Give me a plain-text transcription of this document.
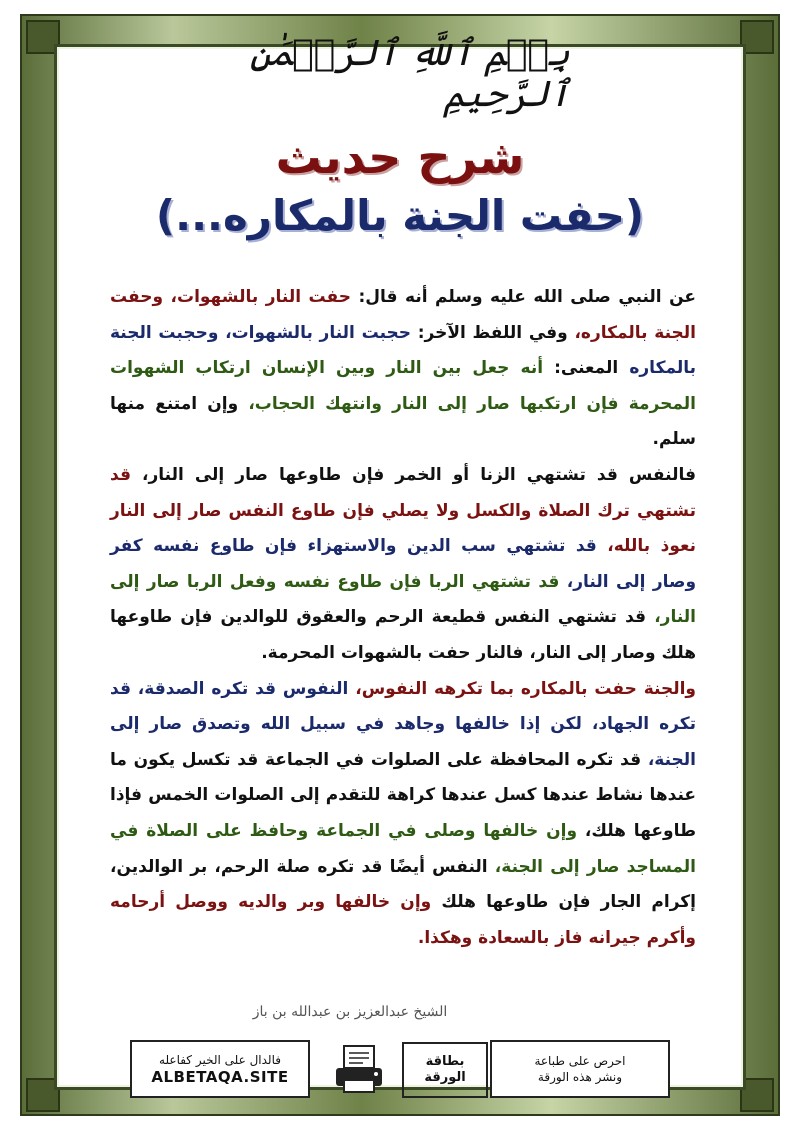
بِسۡمِ ٱللَّهِ ٱلرَّحۡمَٰنِ ٱلرَّحِيمِ
شرح حديث
(حفت الجنة بالمكاره...)
عن النبي صلى الله عليه وسلم أنه قال: حفت النار بالشهوات، وحفت الجنة بالمكاره، وفي اللفظ الآخر: حجبت النار بالشهوات، وحجبت الجنة بالمكاره المعنى: أنه جعل بين النار وبين الإنسان ارتكاب الشهوات المحرمة فإن ارتكبها صار إلى النار وانتهك الحجاب، وإن امتنع منها سلم.
فالنفس قد تشتهي الزنا أو الخمر فإن طاوعها صار إلى النار، قد تشتهي ترك الصلاة والكسل ولا يصلي فإن طاوع النفس صار إلى النار نعوذ بالله، قد تشتهي سب الدين والاستهزاء فإن طاوع نفسه كفر وصار إلى النار، قد تشتهي الربا فإن طاوع نفسه وفعل الربا صار إلى النار، قد تشتهي النفس قطيعة الرحم والعقوق للوالدين فإن طاوعها هلك وصار إلى النار، فالنار حفت بالشهوات المحرمة.
والجنة حفت بالمكاره بما تكرهه النفوس، النفوس قد تكره الصدقة، قد تكره الجهاد، لكن إذا خالفها وجاهد في سبيل الله وتصدق صار إلى الجنة، قد تكره المحافظة على الصلوات في الجماعة قد تكسل يكون ما عندها نشاط عندها كسل عندها كراهة للتقدم إلى الصلوات الخمس فإذا طاوعها هلك، وإن خالفها وصلى في الجماعة وحافظ على الصلاة في المساجد صار إلى الجنة، النفس أيضًا قد تكره صلة الرحم، بر الوالدين، إكرام الجار فإن طاوعها هلك وإن خالفها وبر والديه ووصل أرحامه وأكرم جيرانه فاز بالسعادة وهكذا.
الشيخ عبدالعزيز بن عبدالله بن باز
فالدال على الخير كفاعله
ALBETAQA.SITE
بطاقة
الورقة
احرص على طباعة
ونشر هذه الورقة
